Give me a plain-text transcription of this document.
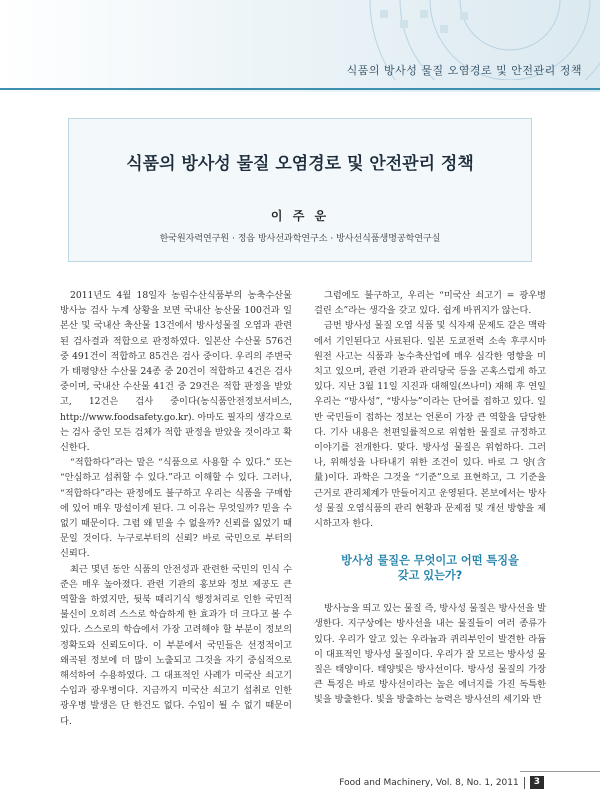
식품의 방사성 물질 오염경로 및 안전관리 정책
식품의 방사성 물질 오염경로 및 안전관리 정책
이 주 운
한국원자력연구원 · 정읍 방사선과학연구소 · 방사선식품생명공학연구실

2011년도 4월 18일자 농림수산식품부의 농축수산물 방사능 검사 누계 상황을 보면 국내산 농산물 100건과 일본산 및 국내산 축산물 13건에서 방사성물질 오염과 관련된 검사결과 적합으로 판정하였다. 일본산 수산물 576건 중 491건이 적합하고 85건은 검사 중이다. 우리의 주변국가 태평양산 수산물 24종 중 20건이 적합하고 4건은 검사 중이며, 국내산 수산물 41건 중 29건은 적합 판정을 받았고, 12건은 검사 중이다(농식품안전정보서비스, http://www.foodsafety.go.kr). 아마도 필자의 생각으로는 검사 중인 모든 검체가 적합 판정을 받았을 것이라고 확신한다.

“적합하다”라는 말은 “식품으로 사용할 수 있다.” 또는 “안심하고 섭취할 수 있다.”라고 이해할 수 있다. 그러나, “적합하다”라는 판정에도 불구하고 우리는 식품을 구매함에 있어 매우 망설이게 된다. 그 이유는 무엇일까? 믿을 수 없기 때문이다. 그럼 왜 믿을 수 없을까? 신뢰를 잃었기 때문일 것이다. 누구로부터의 신뢰? 바로 국민으로 부터의 신뢰다.

최근 몇년 동안 식품의 안전성과 관련한 국민의 인식 수준은 매우 높아졌다. 관련 기관의 홍보와 정보 제공도 큰 역할을 하였지만, 뒷북 때리기식 행정처리로 인한 국민적 불신이 오히려 스스로 학습하게 한 효과가 더 크다고 볼 수 있다. 스스로의 학습에서 가장 고려해야 할 부분이 정보의 정확도와 신뢰도이다. 이 부분에서 국민들은 선정적이고 왜곡된 정보에 더 많이 노출되고 그것을 자기 중심적으로 해석하여 수용하였다. 그 대표적인 사례가 미국산 쇠고기 수입과 광우병이다. 지금까지 미국산 쇠고기 섭취로 인한 광우병 발생은 단 한건도 없다. 수입이 될 수 없기 때문이다.

그럼에도 불구하고, 우리는 “미국산 쇠고기 = 광우병 걸린 소”라는 생각을 갖고 있다. 쉽게 바뀌지가 않는다.

금번 방사성 물질 오염 식품 및 식자재 문제도 같은 맥락에서 기인된다고 사료된다. 일본 도쿄전력 소속 후쿠시마 원전 사고는 식품과 농수축산업에 매우 심각한 영향을 미치고 있으며, 관련 기관과 관리당국 등을 곤혹스럽게 하고 있다. 지난 3월 11일 지진과 대해일(쓰나미) 재해 후 연일 우리는 “방사성”, “방사능”이라는 단어를 접하고 있다. 일반 국민들이 접하는 정보는 언론이 가장 큰 역할을 담당한다. 기사 내용은 천편일률적으로 위험한 물질로 규정하고 이야기를 전개한다. 맞다. 방사성 물질은 위험하다. 그러나, 위해성을 나타내기 위한 조건이 있다. 바로 그 양(含量)이다. 과학은 그것을 “기준”으로 표현하고, 그 기준을 근거로 관리체계가 만들어지고 운영된다. 본보에서는 방사성 물질 오염식품의 관리 현황과 문제점 및 개선 방향을 제시하고자 한다.

방사성 물질은 무엇이고 어떤 특징을
갖고 있는가?

방사능을 띄고 있는 물질 즉, 방사성 물질은 방사선을 발생한다. 지구상에는 방사선을 내는 물질들이 여러 종류가 있다. 우리가 알고 있는 우라늄과 퀴리부인이 발견한 라듐이 대표적인 방사성 물질이다. 우리가 잘 모르는 방사성 물질은 태양이다. 태양빛은 방사선이다. 방사성 물질의 가장 큰 특징은 바로 방사선이라는 높은 에너지를 가진 독특한 빛을 방출한다. 빛을 방출하는 능력은 방사선의 세기와 반

Food and Machinery, Vol. 8, No. 1, 2011	3
